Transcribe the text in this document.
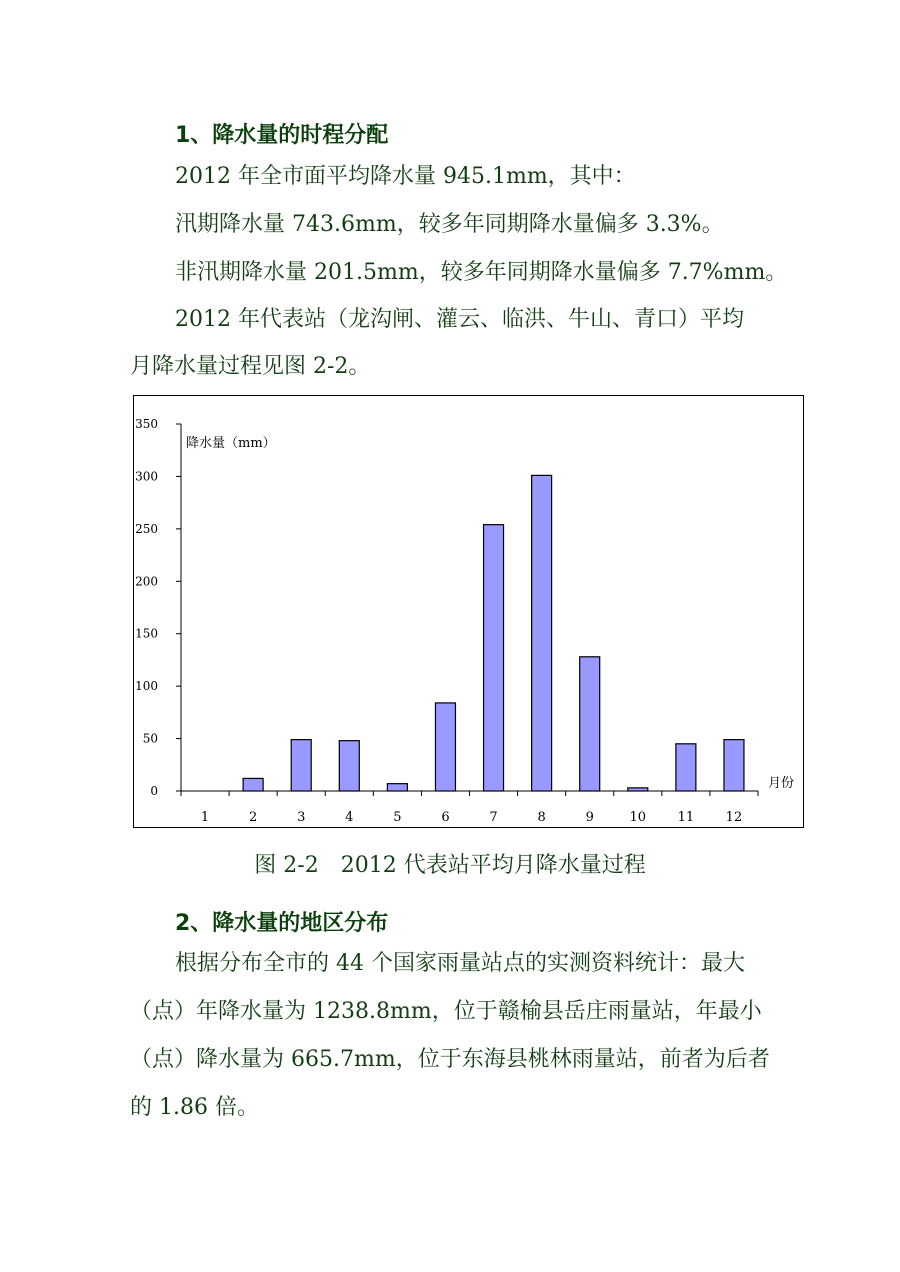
1、降水量的时程分配
2012 年全市面平均降水量 945.1mm，其中：
汛期降水量 743.6mm，较多年同期降水量偏多 3.3%。
非汛期降水量 201.5mm，较多年同期降水量偏多 7.7%mm。
2012 年代表站（龙沟闸、灌云、临洪、牛山、青口）平均
月降水量过程见图 2-2。
0
50
100
150
200
250
300
350
1	2	3	4	5	6	7	8	9	10 11 12
降水量（mm）
月份
图 2-2　2012 代表站平均月降水量过程
2、降水量的地区分布
根据分布全市的 44 个国家雨量站点的实测资料统计：最大
（点）年降水量为 1238.8mm，位于赣榆县岳庄雨量站，年最小
（点）降水量为 665.7mm，位于东海县桃林雨量站，前者为后者
的 1.86 倍。
